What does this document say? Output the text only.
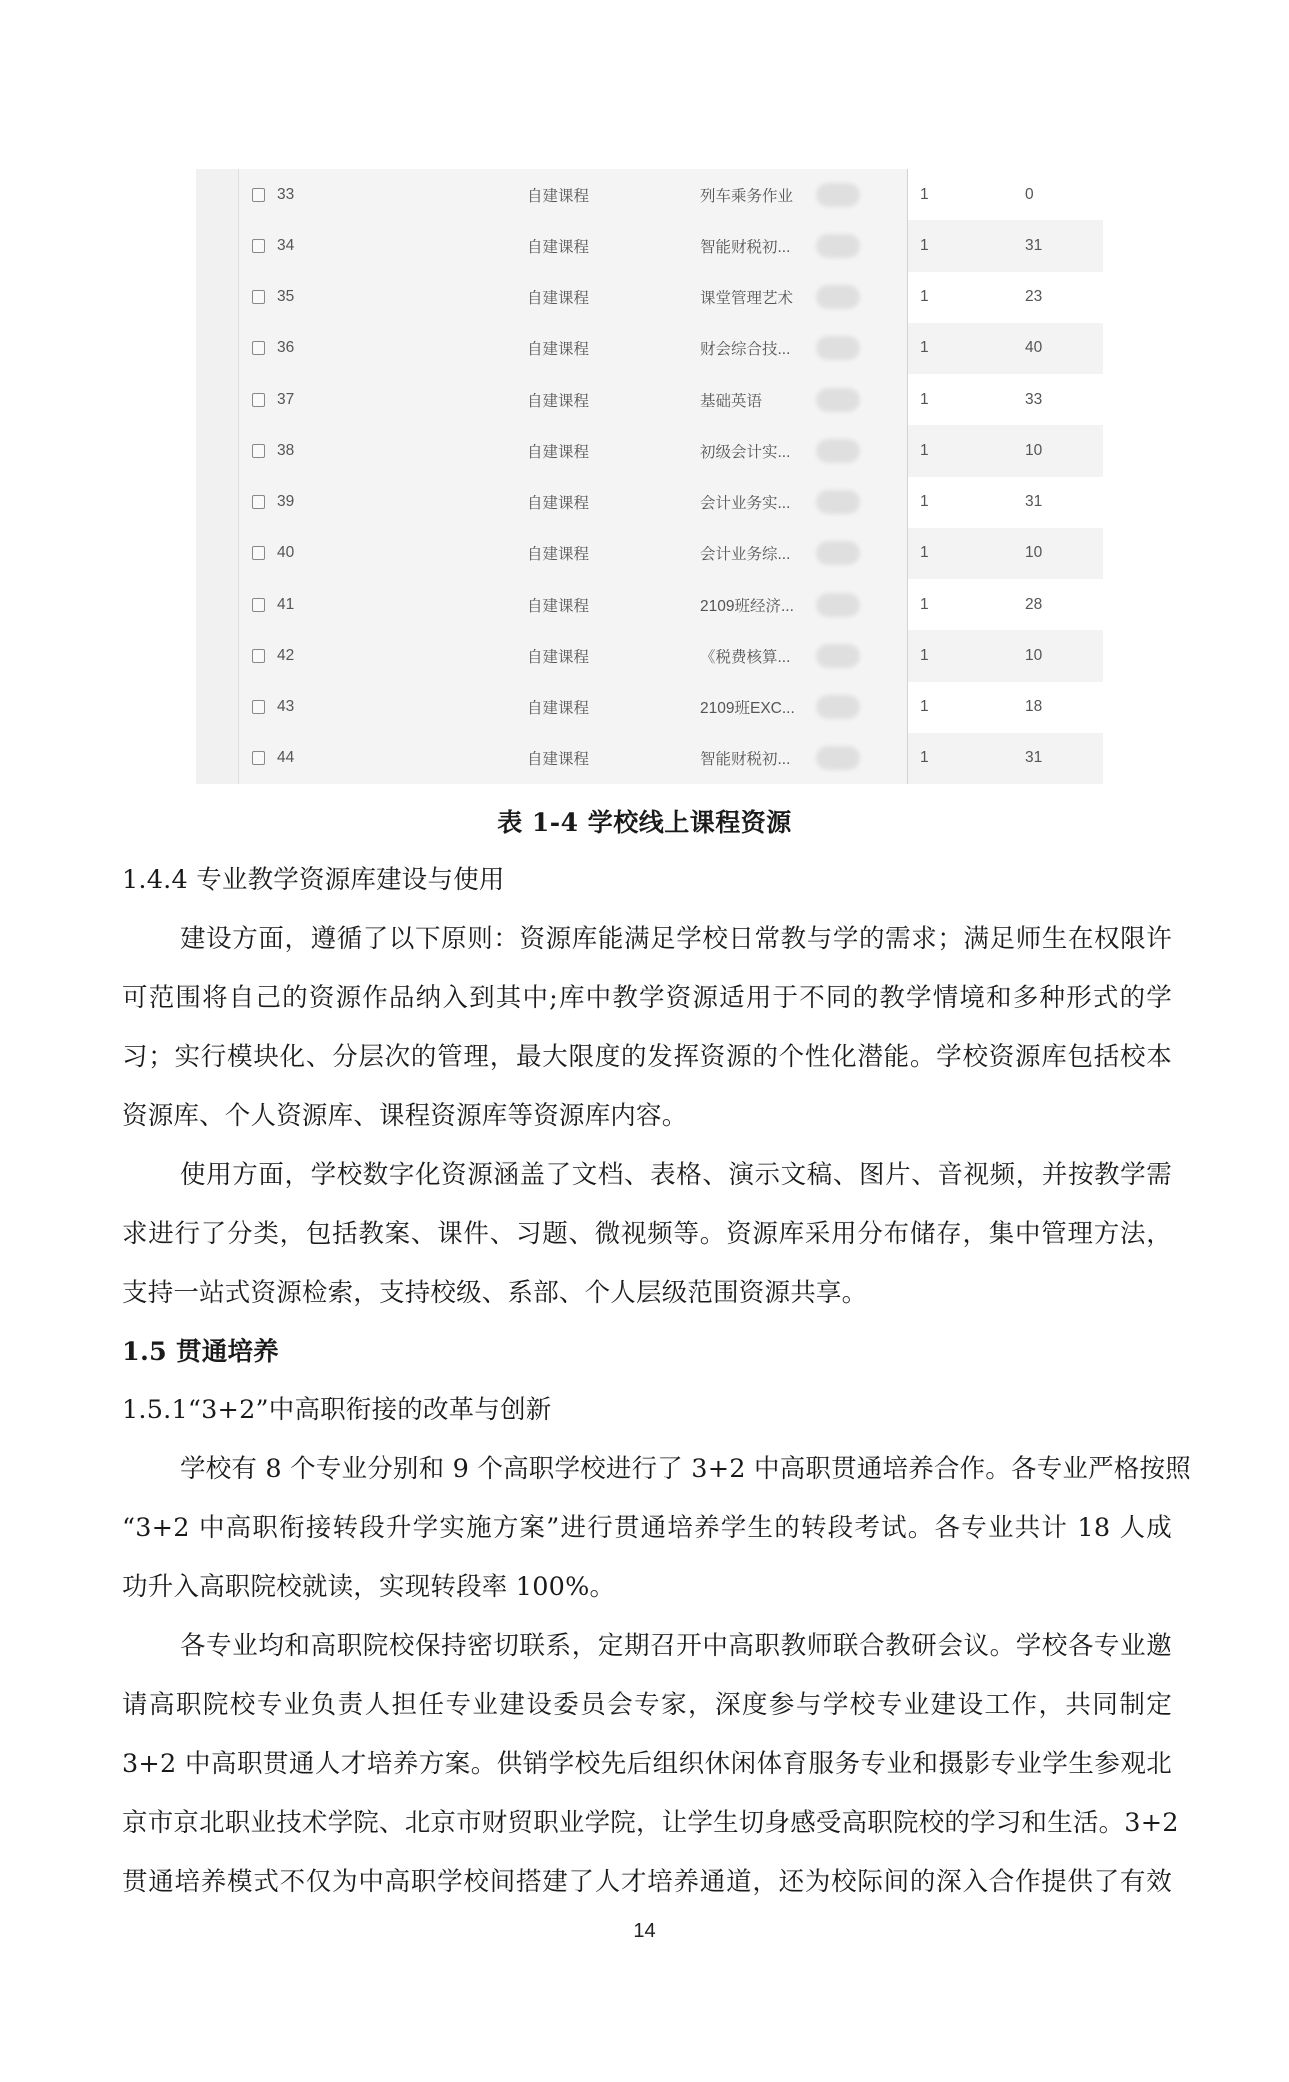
33	自建课程	列车乘务作业	1	0
34	自建课程	智能财税初...	1	31
35	自建课程	课堂管理艺术	1	23
36	自建课程	财会综合技...	1	40
37	自建课程	基础英语	1	33
38	自建课程	初级会计实...	1	10
39	自建课程	会计业务实...	1	31
40	自建课程	会计业务综...	1	10
41	自建课程	2109班经济...	1	28
42	自建课程	《税费核算...	1	10
43	自建课程	2109班EXC...	1	18
44	自建课程	智能财税初...	1	31
表 1-4 学校线上课程资源
1.4.4 专业教学资源库建设与使用
建设方面，遵循了以下原则：资源库能满足学校日常教与学的需求；满足师生在权限许
可范围将自己的资源作品纳入到其中;库中教学资源适用于不同的教学情境和多种形式的学
习；实行模块化、分层次的管理，最大限度的发挥资源的个性化潜能。学校资源库包括校本
资源库、个人资源库、课程资源库等资源库内容。
使用方面，学校数字化资源涵盖了文档、表格、演示文稿、图片、音视频，并按教学需
求进行了分类，包括教案、课件、习题、微视频等。资源库采用分布储存，集中管理方法，
支持一站式资源检索，支持校级、系部、个人层级范围资源共享。
1.5 贯通培养
1.5.1“3+2”中高职衔接的改革与创新
学校有 8 个专业分别和 9 个高职学校进行了 3+2 中高职贯通培养合作。各专业严格按照
“3+2 中高职衔接转段升学实施方案”进行贯通培养学生的转段考试。各专业共计 18 人成
功升入高职院校就读，实现转段率 100%。
各专业均和高职院校保持密切联系，定期召开中高职教师联合教研会议。学校各专业邀
请高职院校专业负责人担任专业建设委员会专家，深度参与学校专业建设工作，共同制定
3+2 中高职贯通人才培养方案。供销学校先后组织休闲体育服务专业和摄影专业学生参观北
京市京北职业技术学院、北京市财贸职业学院，让学生切身感受高职院校的学习和生活。3+2
贯通培养模式不仅为中高职学校间搭建了人才培养通道，还为校际间的深入合作提供了有效
14
